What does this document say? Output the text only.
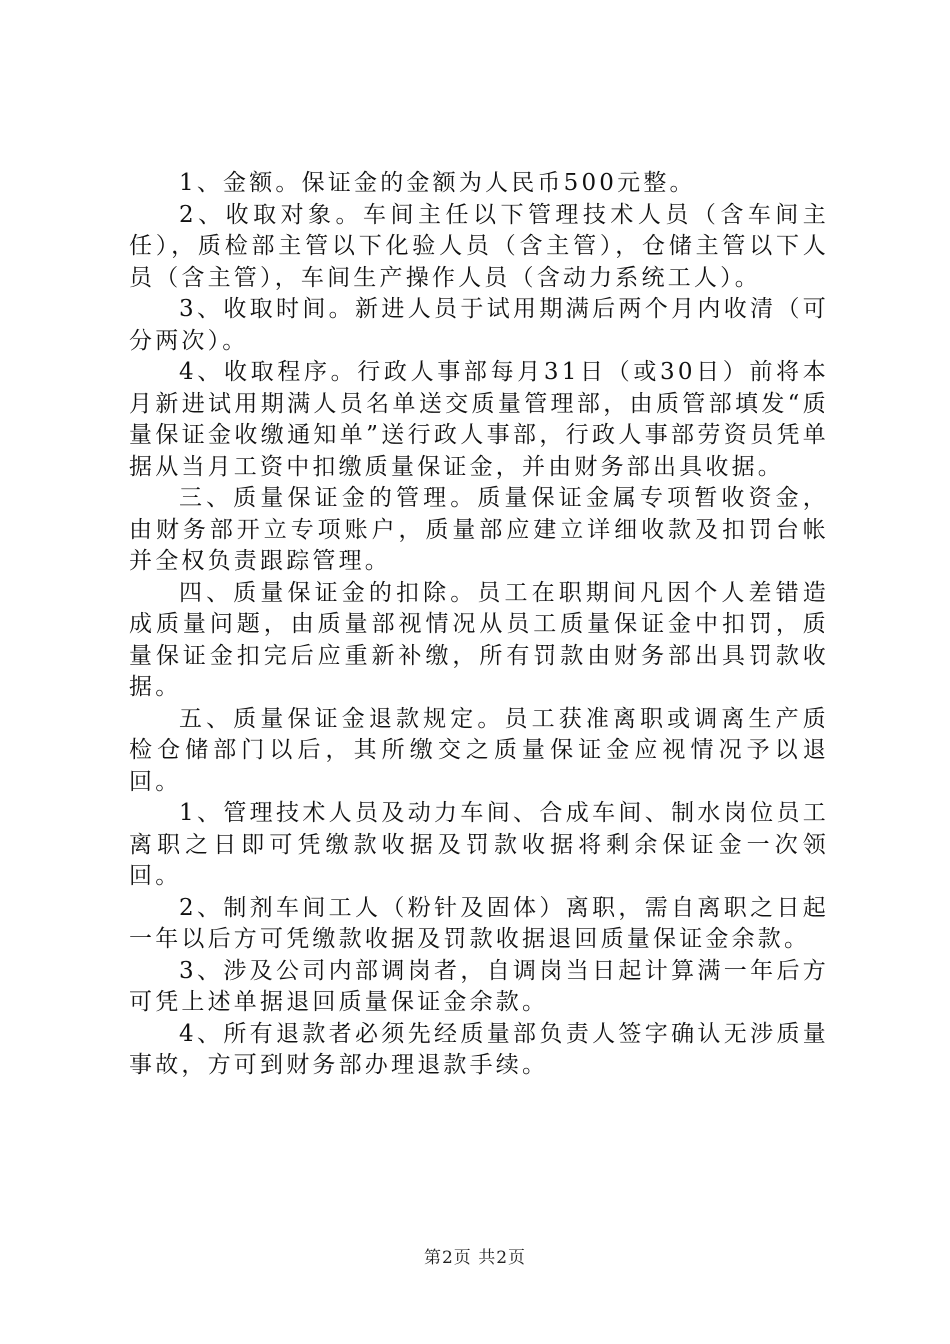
1、金额。保证金的金额为人民币500元整。

2、收取对象。车间主任以下管理技术人员（含车间主任），质检部主管以下化验人员（含主管），仓储主管以下人员（含主管），车间生产操作人员（含动力系统工人）。

3、收取时间。新进人员于试用期满后两个月内收清（可分两次）。

4、收取程序。行政人事部每月31日（或30日）前将本月新进试用期满人员名单送交质量管理部，由质管部填发“质量保证金收缴通知单”送行政人事部，行政人事部劳资员凭单据从当月工资中扣缴质量保证金，并由财务部出具收据。

三、质量保证金的管理。质量保证金属专项暂收资金，由财务部开立专项账户，质量部应建立详细收款及扣罚台帐并全权负责跟踪管理。

四、质量保证金的扣除。员工在职期间凡因个人差错造成质量问题，由质量部视情况从员工质量保证金中扣罚，质量保证金扣完后应重新补缴，所有罚款由财务部出具罚款收据。

五、质量保证金退款规定。员工获准离职或调离生产质检仓储部门以后，其所缴交之质量保证金应视情况予以退回。

1、管理技术人员及动力车间、合成车间、制水岗位员工离职之日即可凭缴款收据及罚款收据将剩余保证金一次领回。

2、制剂车间工人（粉针及固体）离职，需自离职之日起一年以后方可凭缴款收据及罚款收据退回质量保证金余款。

3、涉及公司内部调岗者，自调岗当日起计算满一年后方可凭上述单据退回质量保证金余款。

4、所有退款者必须先经质量部负责人签字确认无涉质量事故，方可到财务部办理退款手续。

第2页 共2页
